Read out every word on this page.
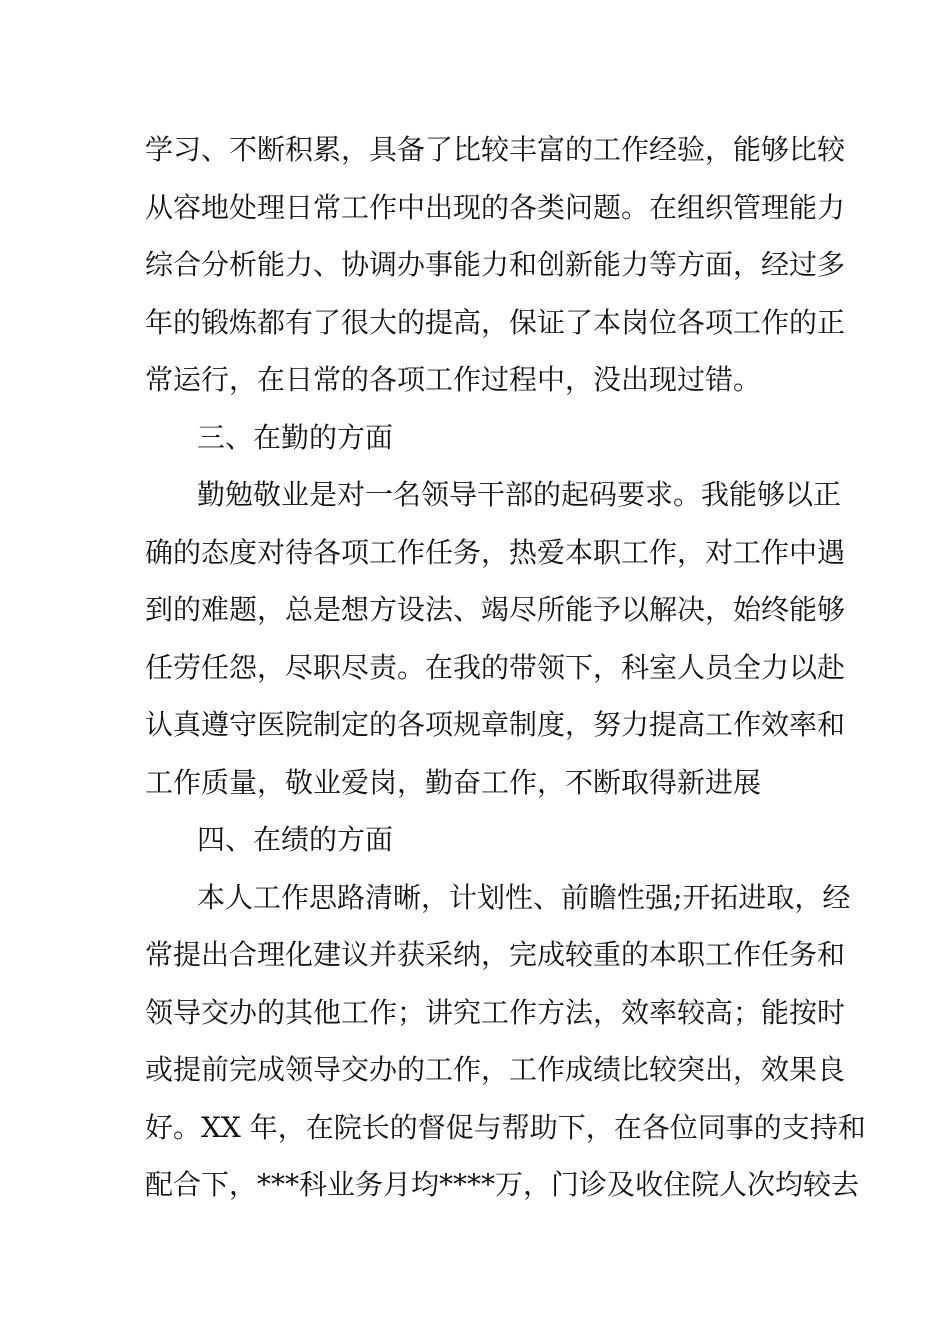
学习、不断积累，具备了比较丰富的工作经验，能够比较
从容地处理日常工作中出现的各类问题。在组织管理能力
综合分析能力、协调办事能力和创新能力等方面，经过多
年的锻炼都有了很大的提高，保证了本岗位各项工作的正
常运行，在日常的各项工作过程中，没出现过错。
三、在勤的方面
勤勉敬业是对一名领导干部的起码要求。我能够以正
确的态度对待各项工作任务，热爱本职工作，对工作中遇
到的难题，总是想方设法、竭尽所能予以解决，始终能够
任劳任怨，尽职尽责。在我的带领下，科室人员全力以赴
认真遵守医院制定的各项规章制度，努力提高工作效率和
工作质量，敬业爱岗，勤奋工作，不断取得新进展
四、在绩的方面
本人工作思路清晰，计划性、前瞻性强;开拓进取，经
常提出合理化建议并获采纳，完成较重的本职工作任务和
领导交办的其他工作；讲究工作方法，效率较高；能按时
或提前完成领导交办的工作，工作成绩比较突出，效果良
好。XX 年，在院长的督促与帮助下，在各位同事的支持和
配合下，***科业务月均****万，门诊及收住院人次均较去
